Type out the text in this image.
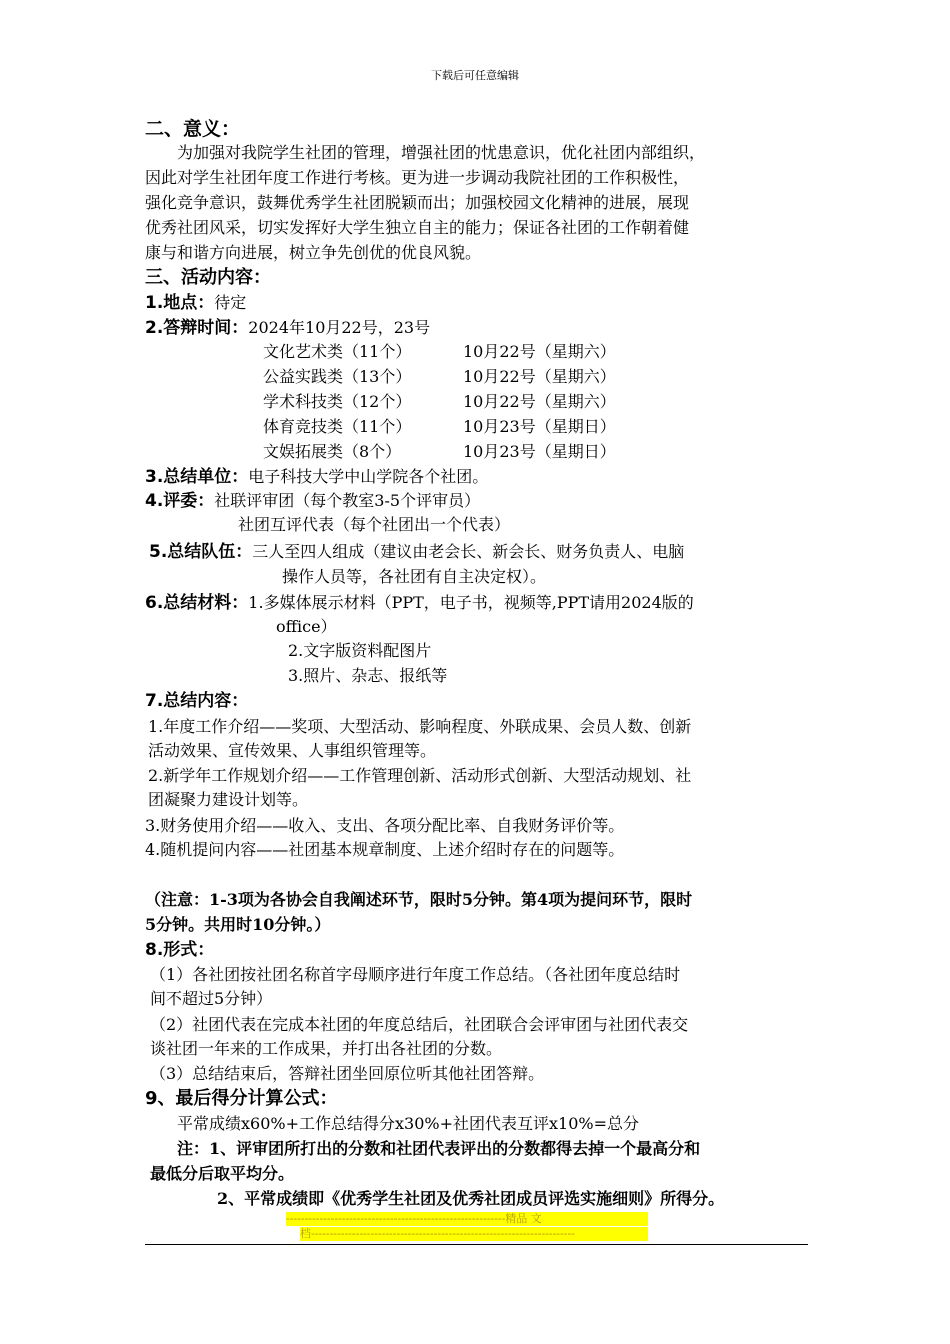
下载后可任意编辑
二、意义：
为加强对我院学生社团的管理，增强社团的忧患意识，优化社团内部组织，
因此对学生社团年度工作进行考核。更为进一步调动我院社团的工作积极性，
强化竞争意识，鼓舞优秀学生社团脱颖而出；加强校园文化精神的进展，展现
优秀社团风采，切实发挥好大学生独立自主的能力；保证各社团的工作朝着健
康与和谐方向进展，树立争先创优的优良风貌。
三、活动内容：
1.地点：待定
2.答辩时间：2024年10月22号，23号
文化艺术类（11个）	10月22号（星期六）
公益实践类（13个）	10月22号（星期六）
学术科技类（12个）	10月22号（星期六）
体育竞技类（11个）	10月23号（星期日）
文娱拓展类（8个）	10月23号（星期日）
3.总结单位：电子科技大学中山学院各个社团。
4.评委：社联评审团（每个教室3-5个评审员）
社团互评代表（每个社团出一个代表）
5.总结队伍：三人至四人组成（建议由老会长、新会长、财务负责人、电脑
操作人员等，各社团有自主决定权）。
6.总结材料：1.多媒体展示材料（PPT，电子书，视频等,PPT请用2024版的
office）
2.文字版资料配图片
3.照片、杂志、报纸等
7.总结内容：
1.年度工作介绍——奖项、大型活动、影响程度、外联成果、会员人数、创新
活动效果、宣传效果、人事组织管理等。
2.新学年工作规划介绍——工作管理创新、活动形式创新、大型活动规划、社
团凝聚力建设计划等。
3.财务使用介绍——收入、支出、各项分配比率、自我财务评价等。
4.随机提问内容——社团基本规章制度、上述介绍时存在的问题等。
（注意：1-3项为各协会自我阐述环节，限时5分钟。第4项为提问环节，限时
5分钟。共用时10分钟。）
8.形式：
（1）各社团按社团名称首字母顺序进行年度工作总结。（各社团年度总结时
间不超过5分钟）
（2）社团代表在完成本社团的年度总结后，社团联合会评审团与社团代表交
谈社团一年来的工作成果，并打出各社团的分数。
（3）总结结束后，答辩社团坐回原位听其他社团答辩。
9、最后得分计算公式：
平常成绩x60%+工作总结得分x30%+社团代表互评x10%=总分
注：1、评审团所打出的分数和社团代表评出的分数都得去掉一个最高分和
最低分后取平均分。
2、平常成绩即《优秀学生社团及优秀社团成员评选实施细则》所得分。
-----------------------------------------------------------精品 文
档-----------------------------------------------------------------------
